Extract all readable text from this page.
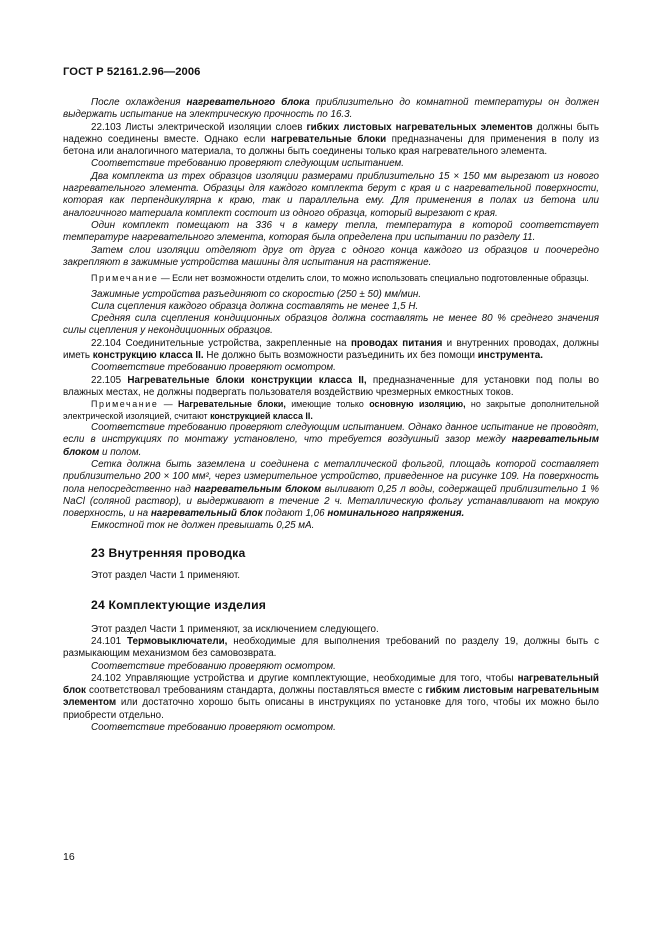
ГОСТ Р 52161.2.96—2006

После охлаждения нагревательного блока приблизительно до комнатной температуры он должен выдержать испытание на электрическую прочность по 16.3.

22.103 Листы электрической изоляции слоев гибких листовых нагревательных элементов должны быть надежно соединены вместе. Однако если нагревательные блоки предназначены для применения в полу из бетона или аналогичного материала, то должны быть соединены только края нагревательного элемента.

Соответствие требованию проверяют следующим испытанием.

Два комплекта из трех образцов изоляции размерами приблизительно 15 × 150 мм вырезают из нового нагревательного элемента. Образцы для каждого комплекта берут с края и с нагревательной поверхности, которая как перпендикулярна к краю, так и параллельна ему. Для применения в полах из бетона или аналогичного материала комплект состоит из одного образца, который вырезают с края.

Один комплект помещают на 336 ч в камеру тепла, температура в которой соответствует температуре нагревательного элемента, которая была определена при испытании по разделу 11.

Затем слои изоляции отделяют друг от друга с одного конца каждого из образцов и поочередно закрепляют в зажимные устройства машины для испытания на растяжение.

Примечание — Если нет возможности отделить слои, то можно использовать специально подготовленные образцы.

Зажимные устройства разъединяют со скоростью (250 ± 50) мм/мин.

Сила сцепления каждого образца должна составлять не менее 1,5 Н.

Средняя сила сцепления кондиционных образцов должна составлять не менее 80 % среднего значения силы сцепления у некондиционных образцов.

22.104 Соединительные устройства, закрепленные на проводах питания и внутренних проводах, должны иметь конструкцию класса II. Не должно быть возможности разъединить их без помощи инструмента.

Соответствие требованию проверяют осмотром.

22.105 Нагревательные блоки конструкции класса II, предназначенные для установки под полы во влажных местах, не должны подвергать пользователя воздействию чрезмерных емкостных токов.

Примечание — Нагревательные блоки, имеющие только основную изоляцию, но закрытые дополнительной электрической изоляцией, считают конструкцией класса II.

Соответствие требованию проверяют следующим испытанием. Однако данное испытание не проводят, если в инструкциях по монтажу установлено, что требуется воздушный зазор между нагревательным блоком и полом.

Сетка должна быть заземлена и соединена с металлической фольгой, площадь которой составляет приблизительно 200 × 100 мм², через измерительное устройство, приведенное на рисунке 109. На поверхность пола непосредственно над нагревательным блоком выливают 0,25 л воды, содержащей приблизительно 1 % NaCl (соляной раствор), и выдерживают в течение 2 ч. Металлическую фольгу устанавливают на мокрую поверхность, и на нагревательный блок подают 1,06 номинального напряжения.

Емкостной ток не должен превышать 0,25 мА.

23 Внутренняя проводка

Этот раздел Части 1 применяют.

24 Комплектующие изделия

Этот раздел Части 1 применяют, за исключением следующего.

24.101 Термовыключатели, необходимые для выполнения требований по разделу 19, должны быть с размыкающим механизмом без самовозврата.

Соответствие требованию проверяют осмотром.

24.102 Управляющие устройства и другие комплектующие, необходимые для того, чтобы нагревательный блок соответствовал требованиям стандарта, должны поставляться вместе с гибким листовым нагревательным элементом или достаточно хорошо быть описаны в инструкциях по установке для того, чтобы их можно было приобрести отдельно.

Соответствие требованию проверяют осмотром.

16
